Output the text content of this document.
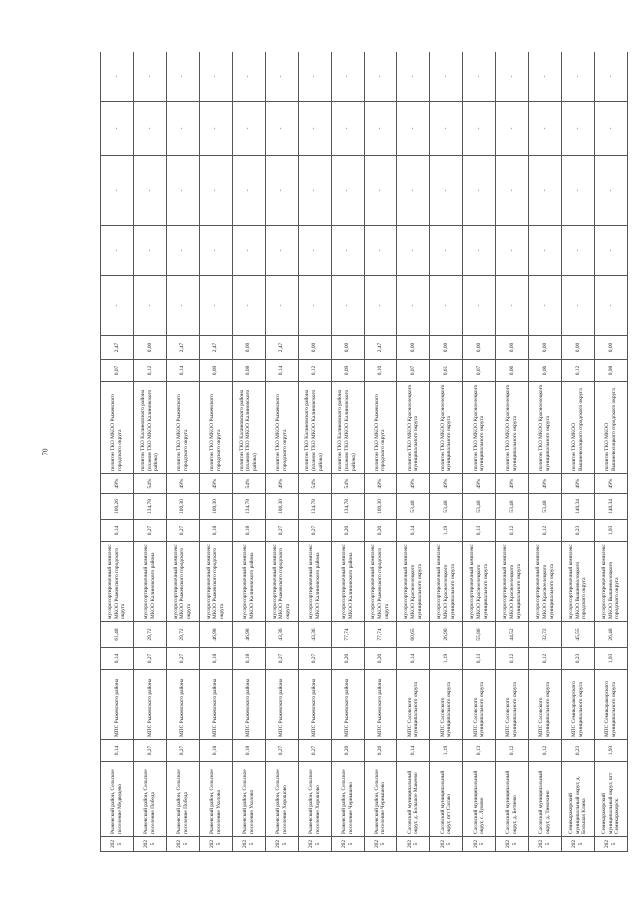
70
2025	Рыжевский район, Сельское поселение Медведево	0,14	МПС Рыжевского района	0,14	61,48	мусоросортировочный комплекс МКОО Рыжевского городского округа	0,14	100,26	49%	полигон ТКО МКОО Рыжевского городского округа	0,07	2,47	-	-	-	-	-
2025	Рыжевский район, Сельское поселение Победа	0,27	МПС Рыжевского района	0,27	29,72	мусоросортировочный комплекс МКОО Калиновского района	0,27	134,78	54%	полигон ТКО Калиновского района (планом ТКО МКОО Калиновского района)	0,12	0,00	-	-	-	-	-
2025	Рыжевский район, Сельское поселение Победа	0,27	МПС Рыжевского района	0,27	29,72	мусоросортировочный комплекс МКОО Рыжевского городского округа	0,27	100,30	49%	полигон ТКО МКОО Рыжевского городского округа	0,14	2,47	-	-	-	-	-
2025	Рыжевский район, Сельское поселение Ухолово	0,18	МПС Рыжевского района	0,18	46,98	мусоросортировочный комплекс МКОО Рыжевского городского округа	0,18	100,30	49%	полигон ТКО МКОО Рыжевского городского округа	0,09	2,47	-	-	-	-	-
2025	Рыжевский район, Сельское поселение Ухолово	0,18	МПС Рыжевского района	0,18	46,98	мусоросортировочный комплекс МКОО Калиновского района	0,18	134,78	54%	полигон ТКО Калиновского района (планом ТКО МКОО Калиновского района)	0,08	0,00	-	-	-	-	-
2025	Рыжевский район, Сельское поселение Хорошово	0,27	МПС Рыжевского района	0,27	43,36	мусоросортировочный комплекс МКОО Рыжевского городского округа	0,27	100,30	49%	полигон ТКО МКОО Рыжевского городского округа	0,14	2,47	-	-	-	-	-
2025	Рыжевский район, Сельское поселение Хорошово	0,27	МПС Рыжевского района	0,27	43,36	мусоросортировочный комплекс МКОО Калиновского района	0,27	134,78	54%	полигон ТКО Калиновского района (планом ТКО МКОО Калиновского района)	0,12	0,00	-	-	-	-	-
2025	Рыжевский район, Сельское поселение Чернышево	0,20	МПС Рыжевского района	0,20	77,74	мусоросортировочный комплекс МКОО Калиновского района	0,20	134,78	54%	полигон ТКО Калиновского района (планом ТКО МКОО Калиновского района)	0,09	0,00	-	-	-	-	-
2025	Рыжевский район, Сельское поселение Чернышево	0,20	МПС Рыжевского района	0,20	77,74	мусоросортировочный комплекс МКОО Рыжевского городского округа	0,20	100,30	49%	полигон ТКО МКОО Рыжевского городского округа	0,10	2,47	-	-	-	-	-
2025	Сасовский муниципальный округ, д. Большое Макеево	0,14	МПС Сасовского муниципального округа	0,14	60,65	мусоросортировочный комплекс МКОО Красноелецкого муниципального округа	0,14	53,48	49%	полигон ТКО МКОО Красноелецкого муниципального округа	0,07	0,00	-	-	-	-	-
2025	Сасовский муниципальный округ, пгт Сасово	1,19	МПС Сасовского муниципального округа	1,19	26,90	мусоросортировочный комплекс МКОО Красноелецкого муниципального округа	1,19	53,48	49%	полигон ТКО МКОО Красноелецкого муниципального округа	0,61	0,00	-	-	-	-	-
2025	Сасовский муниципальный округ, с. Луково	0,13	МПС Сасовского муниципального округа	0,13	55,86	мусоросортировочный комплекс МКОО Красноелецкого муниципального округа	0,13	53,48	49%	полигон ТКО МКОО Красноелецкого муниципального округа	0,07	0,00	-	-	-	-	-
2025	Сасовский муниципальный округ, д. Бетнево	0,12	МПС Сасовского муниципального округа	0,12	44,52	мусоросортировочный комплекс МКОО Красноелецкого муниципального округа	0,12	53,48	49%	полигон ТКО МКОО Красноелецкого муниципального округа	0,06	0,00	-	-	-	-	-
2025	Сасовский муниципальный округ, д. Тимохино	0,12	МПС Сасовского муниципального округа	0,12	32,72	мусоросортировочный комплекс МКОО Красноелецкого муниципального округа	0,12	53,48	49%	полигон ТКО МКОО Красноелецкого муниципального округа	0,06	0,00	-	-	-	-	-
2025	Семикаракорский муниципальный округ, д. Большая Клина	0,23	МПС Семикаракорского муниципального округа	0,23	45,55	мусоросортировочный комплекс МКОО Вышневолоцкого городского округа	0,23	140,34	49%	полигон ТКО МКОО Вышневолоцкого городского округа	0,12	0,00	-	-	-	-	-
2025	Семикаракорский муниципальный округ, пгт Семикаракорск	1,93	МПС Семикаракорского муниципального округа	1,93	26,48	мусоросортировочный комплекс МКОО Вышневолоцкого городского округа	1,93	140,34	49%	полигон ТКО МКОО Вышневолоцкого городского округа	0,98	0,00	-	-	-	-	-
